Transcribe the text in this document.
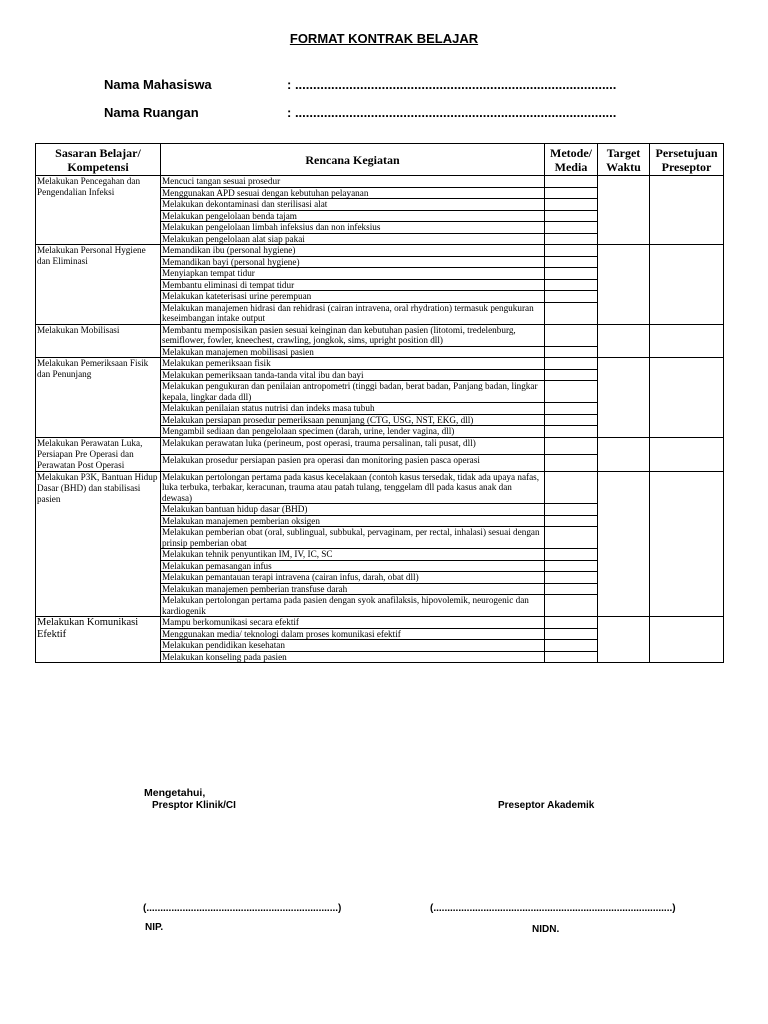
FORMAT KONTRAK BELAJAR
Nama Mahasiswa	: .........................................................................................
Nama Ruangan	: .........................................................................................
Sasaran Belajar/ Kompetensi	Rencana Kegiatan	Metode/ Media	Target Waktu	Persetujuan Preseptor
Melakukan Pencegahan dan Pengendalian Infeksi	Mencuci tangan sesuai prosedur			
	Menggunakan APD sesuai dengan kebutuhan pelayanan			
	Melakukan dekontaminasi dan sterilisasi alat			
	Melakukan pengelolaan benda tajam			
	Melakukan pengelolaan limbah infeksius dan non infeksius			
	Melakukan pengelolaan alat siap pakai			
Melakukan Personal Hygiene dan Eliminasi	Memandikan ibu (personal hygiene)			
	Memandikan bayi (personal hygiene)			
	Menyiapkan tempat tidur			
	Membantu eliminasi di tempat tidur			
	Melakukan kateterisasi urine perempuan			
	Melakukan manajemen hidrasi dan rehidrasi (cairan intravena, oral rhydration) termasuk pengukuran keseimbangan intake output			
Melakukan Mobilisasi	Membantu memposisikan pasien sesuai keinginan dan kebutuhan pasien (litotomi, tredelenburg, semiflower, fowler, kneechest, crawling, jongkok, sims, upright position dll)			
	Melakukan manajemen mobilisasi pasien			
Melakukan Pemeriksaan Fisik dan Penunjang	Melakukan pemeriksaan fisik			
	Melakukan pemeriksaan tanda-tanda vital ibu dan bayi			
	Melakukan pengukuran dan penilaian antropometri (tinggi badan, berat badan, Panjang badan, lingkar kepala, lingkar dada dll)			
	Melakukan penilaian status nutrisi dan indeks masa tubuh			
	Melakukan persiapan prosedur pemeriksaan penunjang (CTG, USG, NST, EKG, dll)			
	Mengambil sediaan dan pengelolaan specimen (darah, urine, lender vagina, dll)			
Melakukan Perawatan Luka, Persiapan Pre Operasi dan Perawatan Post Operasi	Melakukan perawatan luka (perineum, post operasi, trauma persalinan, tali pusat, dll)			
	Melakukan prosedur persiapan pasien pra operasi dan monitoring pasien pasca operasi			
Melakukan P3K, Bantuan Hidup Dasar (BHD) dan stabilisasi pasien	Melakukan pertolongan pertama pada kasus kecelakaan (contoh kasus tersedak, tidak ada upaya nafas, luka terbuka, terbakar, keracunan, trauma atau patah tulang, tenggelam dll pada kasus anak dan dewasa)			
	Melakukan bantuan hidup dasar (BHD)			
	Melakukan manajemen pemberian oksigen			
	Melakukan pemberian obat (oral, sublingual, subbukal, pervaginam, per rectal, inhalasi) sesuai dengan prinsip pemberian obat			
	Melakukan tehnik penyuntikan IM, IV, IC, SC			
	Melakukan pemasangan infus			
	Melakukan pemantauan terapi intravena (cairan infus, darah, obat dll)			
	Melakukan manajemen pemberian transfuse darah			
	Melakukan pertolongan pertama pada pasien dengan syok anafilaksis, hipovolemik, neurogenic dan kardiogenik			
Melakukan Komunikasi Efektif	Mampu berkomunikasi secara efektif			
	Menggunakan media/ teknologi dalam proses komunikasi efektif			
	Melakukan pendidikan kesehatan			
	Melakukan konseling pada pasien			
Mengetahui,
Presptor Klinik/CI	Preseptor Akademik
(.....................................................................)	(......................................................................................)
NIP.	NIDN.
